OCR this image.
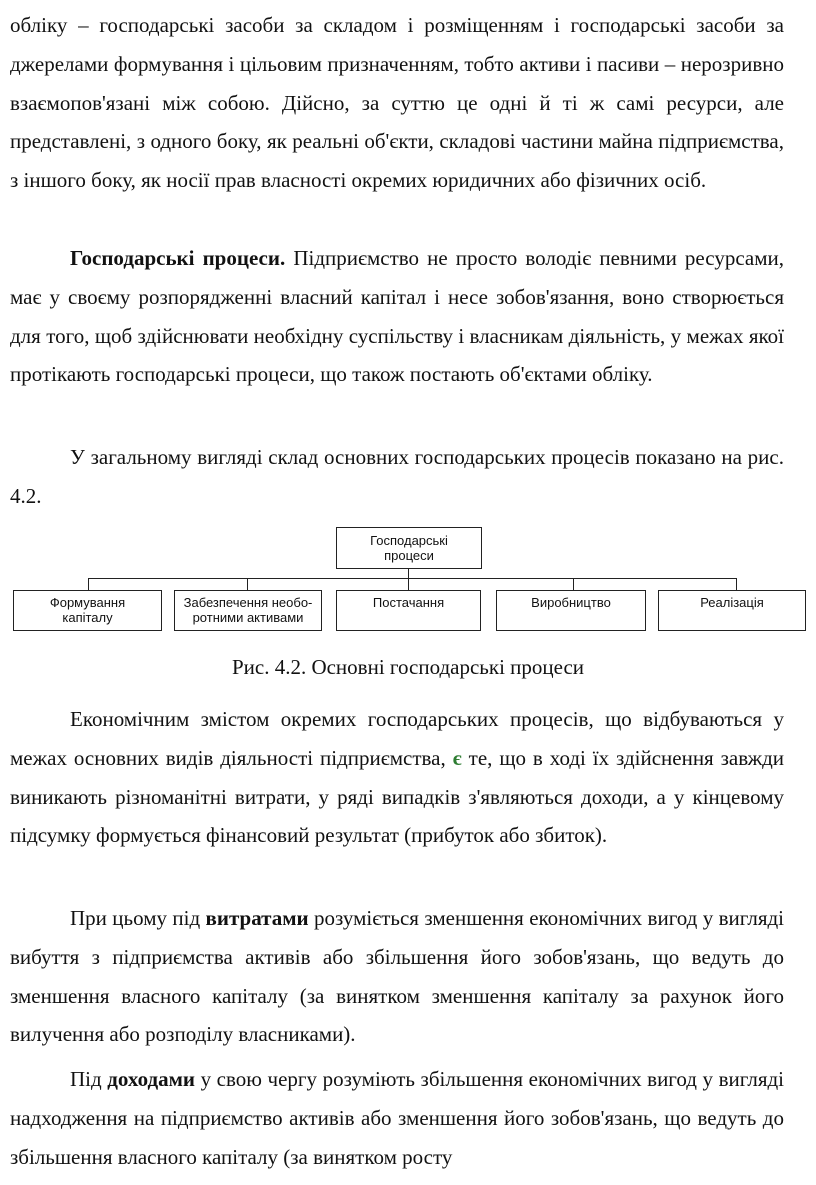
обліку – господарські засоби за складом і розміщенням і господарські засоби за джерелами формування і цільовим призначенням, тобто активи і пасиви – нерозривно взаємопов'язані між собою. Дійсно, за суттю це одні й ті ж самі ресурси, але представлені, з одного боку, як реальні об'єкти, складові частини майна підприємства, з іншого боку, як носії прав власності окремих юридичних або фізичних осіб.

Господарські процеси. Підприємство не просто володіє певними ресурсами, має у своєму розпорядженні власний капітал і несе зобов'язання, воно створюється для того, щоб здійснювати необхідну суспільству і власникам діяльність, у межах якої протікають господарські процеси, що також постають об'єктами обліку.

У загальному вигляді склад основних господарських процесів показано на рис. 4.2.

Господарські процеси
Формування капіталу
Забезпечення необо-ротними активами
Постачання	Виробництво	Реалізація
Рис. 4.2. Основні господарські процеси

Економічним змістом окремих господарських процесів, що відбуваються у межах основних видів діяльності підприємства, є те, що в ході їх здійснення завжди виникають різноманітні витрати, у ряді випадків з'являються доходи, а у кінцевому підсумку формується фінансовий результат (прибуток або збиток).

При цьому під витратами розуміється зменшення економічних вигод у вигляді вибуття з підприємства активів або збільшення його зобов'язань, що ведуть до зменшення власного капіталу (за винятком зменшення капіталу за рахунок його вилучення або розподілу власниками).

Під доходами у свою чергу розуміють збільшення економічних вигод у вигляді надходження на підприємство активів або зменшення його зобов'язань, що ведуть до збільшення власного капіталу (за винятком росту
